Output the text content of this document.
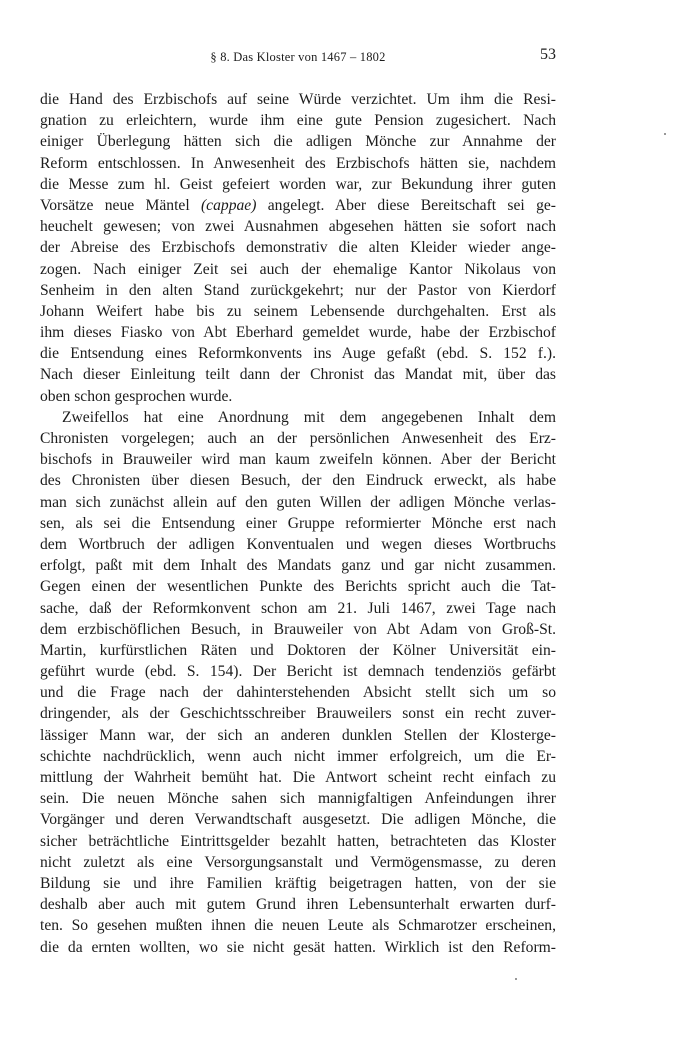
§ 8. Das Kloster von 1467 – 1802	53
die Hand des Erzbischofs auf seine Würde verzichtet. Um ihm die Resi-
gnation zu erleichtern, wurde ihm eine gute Pension zugesichert. Nach
einiger Überlegung hätten sich die adligen Mönche zur Annahme der
Reform entschlossen. In Anwesenheit des Erzbischofs hätten sie, nachdem
die Messe zum hl. Geist gefeiert worden war, zur Bekundung ihrer guten
Vorsätze neue Mäntel (cappae) angelegt. Aber diese Bereitschaft sei ge-
heuchelt gewesen; von zwei Ausnahmen abgesehen hätten sie sofort nach
der Abreise des Erzbischofs demonstrativ die alten Kleider wieder ange-
zogen. Nach einiger Zeit sei auch der ehemalige Kantor Nikolaus von
Senheim in den alten Stand zurückgekehrt; nur der Pastor von Kierdorf
Johann Weifert habe bis zu seinem Lebensende durchgehalten. Erst als
ihm dieses Fiasko von Abt Eberhard gemeldet wurde, habe der Erzbischof
die Entsendung eines Reformkonvents ins Auge gefaßt (ebd. S. 152 f.).
Nach dieser Einleitung teilt dann der Chronist das Mandat mit, über das
oben schon gesprochen wurde.
Zweifellos hat eine Anordnung mit dem angegebenen Inhalt dem
Chronisten vorgelegen; auch an der persönlichen Anwesenheit des Erz-
bischofs in Brauweiler wird man kaum zweifeln können. Aber der Bericht
des Chronisten über diesen Besuch, der den Eindruck erweckt, als habe
man sich zunächst allein auf den guten Willen der adligen Mönche verlas-
sen, als sei die Entsendung einer Gruppe reformierter Mönche erst nach
dem Wortbruch der adligen Konventualen und wegen dieses Wortbruchs
erfolgt, paßt mit dem Inhalt des Mandats ganz und gar nicht zusammen.
Gegen einen der wesentlichen Punkte des Berichts spricht auch die Tat-
sache, daß der Reformkonvent schon am 21. Juli 1467, zwei Tage nach
dem erzbischöflichen Besuch, in Brauweiler von Abt Adam von Groß-St.
Martin, kurfürstlichen Räten und Doktoren der Kölner Universität ein-
geführt wurde (ebd. S. 154). Der Bericht ist demnach tendenziös gefärbt
und die Frage nach der dahinterstehenden Absicht stellt sich um so
dringender, als der Geschichtsschreiber Brauweilers sonst ein recht zuver-
lässiger Mann war, der sich an anderen dunklen Stellen der Klosterge-
schichte nachdrücklich, wenn auch nicht immer erfolgreich, um die Er-
mittlung der Wahrheit bemüht hat. Die Antwort scheint recht einfach zu
sein. Die neuen Mönche sahen sich mannigfaltigen Anfeindungen ihrer
Vorgänger und deren Verwandtschaft ausgesetzt. Die adligen Mönche, die
sicher beträchtliche Eintrittsgelder bezahlt hatten, betrachteten das Kloster
nicht zuletzt als eine Versorgungsanstalt und Vermögensmasse, zu deren
Bildung sie und ihre Familien kräftig beigetragen hatten, von der sie
deshalb aber auch mit gutem Grund ihren Lebensunterhalt erwarten durf-
ten. So gesehen mußten ihnen die neuen Leute als Schmarotzer erscheinen,
die da ernten wollten, wo sie nicht gesät hatten. Wirklich ist den Reform-
